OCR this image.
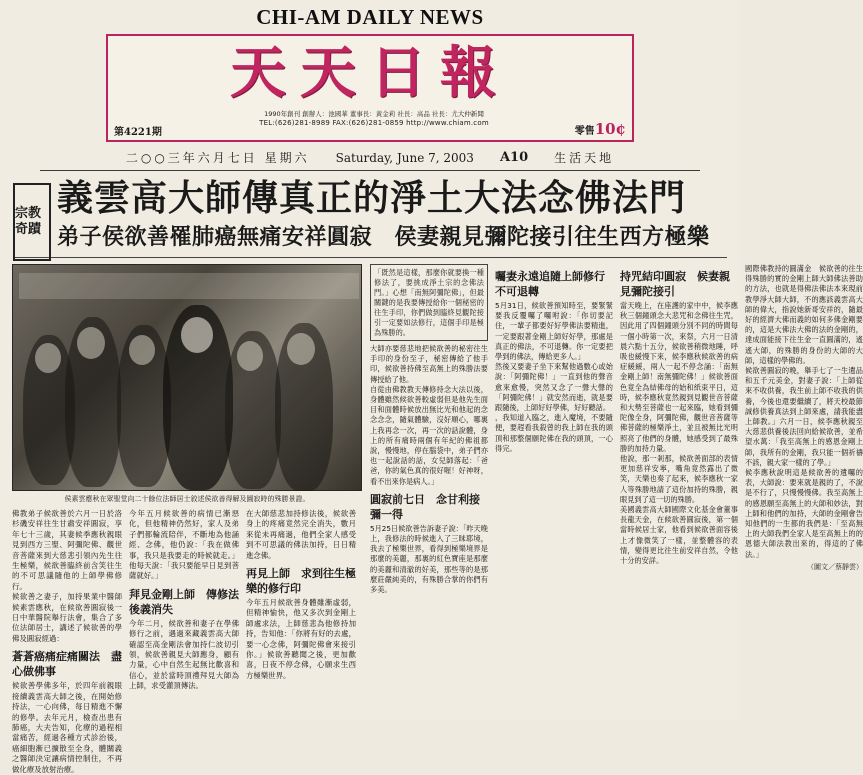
CHI-AM DAILY NEWS
天天日報
1990年創刊 創辦人：池國華 董事長：黃金莉 社長：高品 社長：尤大仲新聞
TEL:(626)281-8989 FAX:(626)281-0859 http://www.chiam.com
第4221期	零售10¢
二○○三年六月七日 星期六 Saturday, June 7, 2003 A10 生活天地
宗教奇蹟
義雲高大師傳真正的淨土大法念佛法門
弟子侯欲善罹肺癌無痛安祥圓寂　侯妻親見彌陀接引往生西方極樂
侯素雲應秋在眾聖堂向二十餘位法師居士敘述侯欲善得解及圓寂時的殊勝景證。
佛教弟子候欲善於六月一日於洛杉磯安祥往生甘肅安祥圓寂，享年七十三歲，其妻候季應秋親眼見到西方三聖、阿彌陀佛、觀世音菩薩來到大慈悲引領內先生往生極樂，候欲善臨終前含笑往生的不可思議隨他的上師學佛修行。
候欲善之妻子，加持果業中醫師候素雲應秋，在候欲善圓寂後一日中華醫院舉行法會，集合了多位法師居士，講述了候欲善的學佛及圓寂經過：
蒼蒼癌痛症痛關法　盡心做佛事
候欲善學佛多年，於四年前親眼接續義雲高大師之後，在開始修持法，一心向佛，每日精進不懈的修學。去年元月，檢查出患有肺癌，大夫告知，化療的過程相當痛苦，經過各種方式診治後，癌細胞漸已擴散至全身，體關義之醫師決定讓病情控制住，不再做化療及放射治療。
今年五月候欲善的病情已漸惡化，但他精神仍然好，家人及弟子們都輪流陪伴，不斷地為他誦經、念佛，他仍說：「我在做佛事，我只是我要走的時候就走。」他每天說：「我只要能早日見到菩薩就好。」
拜見金剛上師　傳修法後義消失
今年二月，候欲善和妻子在學佛修行之前，遇過來藏義雲高大師確認至高金剛法會加持仁波切引領，候欲善親見大師應身，顧有力量，心中自然生起無比歡喜和信心，並於當時頂禮拜見大師為上師，求受灌頂傳法。
在大師慈悲加持修法後，候欲善身上的疼痛竟然完全消失，數月來從未再痛過，他們全家人感受到不可思議的佛法加持，日日精進念佛。
再見上師　求到往生極樂的修行印
今年五月候欲善身體雖漸虛弱，但精神愉快，他又多次到金剛上師處求法，上師慈悲為他修持加持，告知他：「你將有好的去處，要一心念佛，阿彌陀佛會來接引你。」候欲善聽聞之後，更加歡喜，日夜不停念佛，心願求生西方極樂世界。
「既然是這樣，那麼你就要換一種修法了，要挑成淨土宗的念佛法門。」心想「南無阿彌陀佛」，但最關鍵的是我要傳授給你一個秘密的往生手印，你們做到臨終見觀陀接引一定要如法修行，這個手印是極為殊勝的。
大師亦要慈悲地把候欲善的秘密往生手印的身份至子，秘密傳給了他手印，候欲善持佛至高無上的殊勝法要傳授給了他。
自從由佛教教天傳修持念大法以後，身體雖然候欲善較虛弱但是他先生面目和面體時候放出無比光和他起的念念念念，隨氣體驗，沒好順心，哪裏上我再念一次，再一次的話說體，身上的所有痛時兩個有年紀的佛祖都說，慢慢地，停在腦袋中，弟子們亦也一起說話的話，女兒師落起：「爸爸，你的氣色真的很好喔！好神呀，看不出來你是病人。」
圓寂前七日　念甘利接彌一得
5月25日候欲善告訴妻子說：「昨天晚上，我修法的時候進入了三昧耶境，我去了極樂世界，看得到極樂境界是那麼的美麗，那裏的紅色寶座是那麼的美麗和清澈的好美，那些等的是那麼莊嚴純美的，有殊勝合掌的你們有多美。
囑妻永遠追隨上師修行　不可退轉
5月31日，候欲善預知時至，要緊緊要我反覆囑了囑咐說：「你切要記住，一輩子都要好好學佛法要精進，一定要跟著金剛上師好好學，那處是真正的佛法，不可退轉。你一定要把學到的佛法，傳給更多人。」
然後又要妻子坐下來幫他過數心或始說：「阿彌陀佛！」一直到他的聲音愈來愈慢，突然又念了一聲大聲的「阿彌陀佛！」就安然而逝，就是要跟隨後，上師好好學佛，好好聽話。
，我知道入臨之，進入魔境，不要隨便，要趕看我殺曾的我上師在我的頭頂和那整個願陀佛在我的頭頂，一心得完。
持咒結印圓寂　候妻親見彌陀接引
當天晚上，在座護的家中中，候李應秋三個鐘頭念大悲咒和念佛往生咒，因此用了四個鐘頭分別不同的時間每一個小時第一次，來祭，六月一日清晨六點十五分，候欲善稍微地睡，呼吸也緩慢下來，候李應秋候欲善的病症緩緩，兩人一起不停念誦：「南無金剛上師！南無彌陀佛！」候欲善面色竟全為結佛母的始和紙束平日，這時，候李應秋竟然親到見觀世音菩薩和大勢至菩薩也一起來臨，她看到彌陀像全身，阿彌陀佛，觀世音菩薩等佛菩薩的極樂淨土，並且被無比光明照亮了他們的身體，她感受到了最殊勝的加持力量。
他說，那一剎那，候欲善面部的表情更加慈祥安寧，嘴角竟然露出了微笑，天樂也奏了起來，候李應秋一家人等殊勝地請了這份加持的殊勝，親眼見到了這一切的殊勝。
美國義雲高大師國際文化基金會董事長龍天金，在候欲善圓寂後，第一個當時候居士家，他看到候欲善面容後上才像微笑了一樣，並整體容的表情，變得更比往生前安祥自然，令他十分的安詳。
國際佛教持的圓滿金　候欲善的往生得殊勝的實的金剛上師大師佛法善助的方法，也就是得佛法佛法本來現前教學淨大師大師，不的應該義雲高大師的偉大，指說她新哥安祥的，隨最好的經濟大佛而義的如何多佛金剛要的，這是大佛法大佛的法的金剛的，達成面能接下往生金一直圓滿的，遙遙大師，的殊勝的身份的大師的大師，這樣的學佛的。
候欲善圓寂的晚，舉手七了一生遺品和五千元美金，對妻子說：「上師從來不收供養，我生前上師不收我的供養，今後也還要繼續了，將天校最節誠修供養真法到上師來處，請我能盡上師教。」六月一日，候李應秋親至大慈悲供養後法回向給候欲善，並希望水萬：「我至高無上的感恩金剛上師，我所有的金剛，我只能一個祈禱不該，親大家一樣的了學。」
候李應秋說明這是候欲善的遺囑的表，大師說：要來就是親的了，不說是不行了，只慢慢慢佛。我至高無上的感恩願至高無上的大師和妙法，對上師和他們的加持，大師的金剛會告知他們的一生都的我們是：「至高無上的大師我們全家人是至高無上的的恩德大師法教出來的，得這的了佛法。」
（圖文／蔡靜雲）
